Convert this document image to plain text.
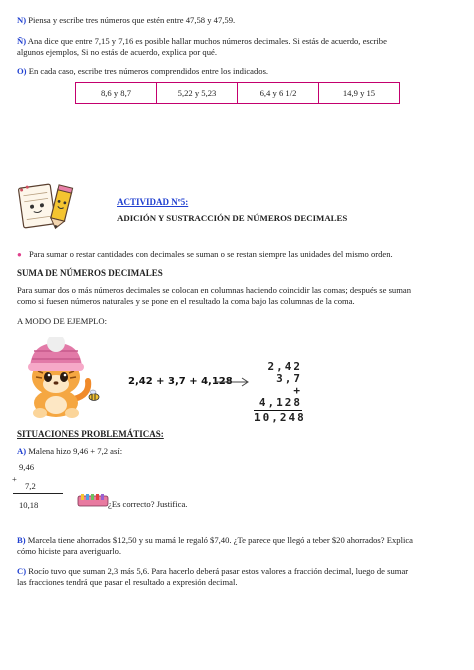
N) Piensa y escribe tres números que estén entre 47,58 y 47,59.
Ñ) Ana dice que entre 7,15 y 7,16 es posible hallar muchos números decimales. Si estás de acuerdo, escribe
algunos ejemplos, Si no estás de acuerdo, explica por qué.
O) En cada caso, escribe tres números comprendidos entre los indicados.
8,6 y 8,7	5,22 y 5,23	6,4 y 6 1/2	14,9 y 15
ACTIVIDAD Nº5:
ADICIÓN Y SUSTRACCIÓN DE NÚMEROS DECIMALES
● Para sumar o restar cantidades con decimales se suman o se restan siempre las unidades del mismo orden.
SUMA DE NÚMEROS DECIMALES
Para sumar dos o más números decimales se colocan en columnas haciendo coincidir las comas; después se suman
como si fuesen números naturales y se pone en el resultado la coma bajo las columnas de la coma.
A MODO DE EJEMPLO:
2,42 + 3,7 + 4,128
2,42
3,7
+ 4,128
10,248
SITUACIONES PROBLEMÁTICAS:
A) Malena hizo 9,46 + 7,2 así:
9,46
+
7,2
10,18	¿Es correcto? Justifica.
B) Marcela tiene ahorrados $12,50 y su mamá le regaló $7,40. ¿Te parece que llegó a teber $20 ahorrados? Explica
cómo hiciste para averiguarlo.
C) Rocío tuvo que suman 2,3 más 5,6. Para hacerlo deberá pasar estos valores a fracción decimal, luego de sumar
las fracciones tendrá que pasar el resultado a expresión decimal.
